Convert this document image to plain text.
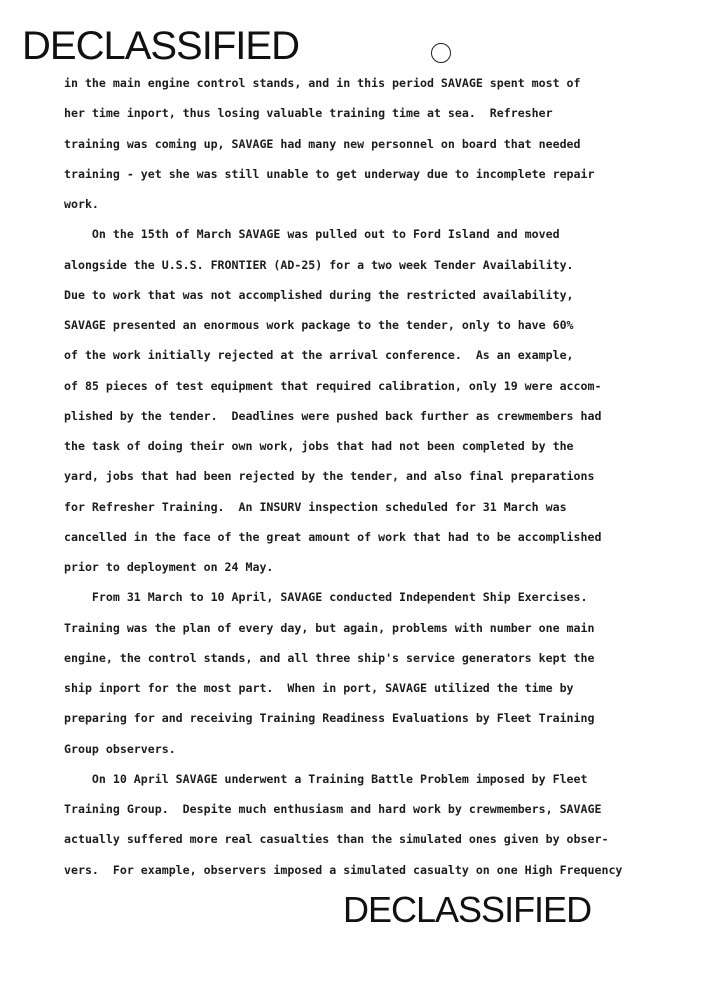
DECLASSIFIED
in the main engine control stands, and in this period SAVAGE spent most of
her time inport, thus losing valuable training time at sea.  Refresher
training was coming up, SAVAGE had many new personnel on board that needed
training - yet she was still unable to get underway due to incomplete repair
work.
On the 15th of March SAVAGE was pulled out to Ford Island and moved
alongside the U.S.S. FRONTIER (AD-25) for a two week Tender Availability.
Due to work that was not accomplished during the restricted availability,
SAVAGE presented an enormous work package to the tender, only to have 60%
of the work initially rejected at the arrival conference.  As an example,
of 85 pieces of test equipment that required calibration, only 19 were accom-
plished by the tender.  Deadlines were pushed back further as crewmembers had
the task of doing their own work, jobs that had not been completed by the
yard, jobs that had been rejected by the tender, and also final preparations
for Refresher Training.  An INSURV inspection scheduled for 31 March was
cancelled in the face of the great amount of work that had to be accomplished
prior to deployment on 24 May.
From 31 March to 10 April, SAVAGE conducted Independent Ship Exercises.
Training was the plan of every day, but again, problems with number one main
engine, the control stands, and all three ship's service generators kept the
ship inport for the most part.  When in port, SAVAGE utilized the time by
preparing for and receiving Training Readiness Evaluations by Fleet Training
Group observers.
On 10 April SAVAGE underwent a Training Battle Problem imposed by Fleet
Training Group.  Despite much enthusiasm and hard work by crewmembers, SAVAGE
actually suffered more real casualties than the simulated ones given by obser-
vers.  For example, observers imposed a simulated casualty on one High Frequency
DECLASSIFIED
